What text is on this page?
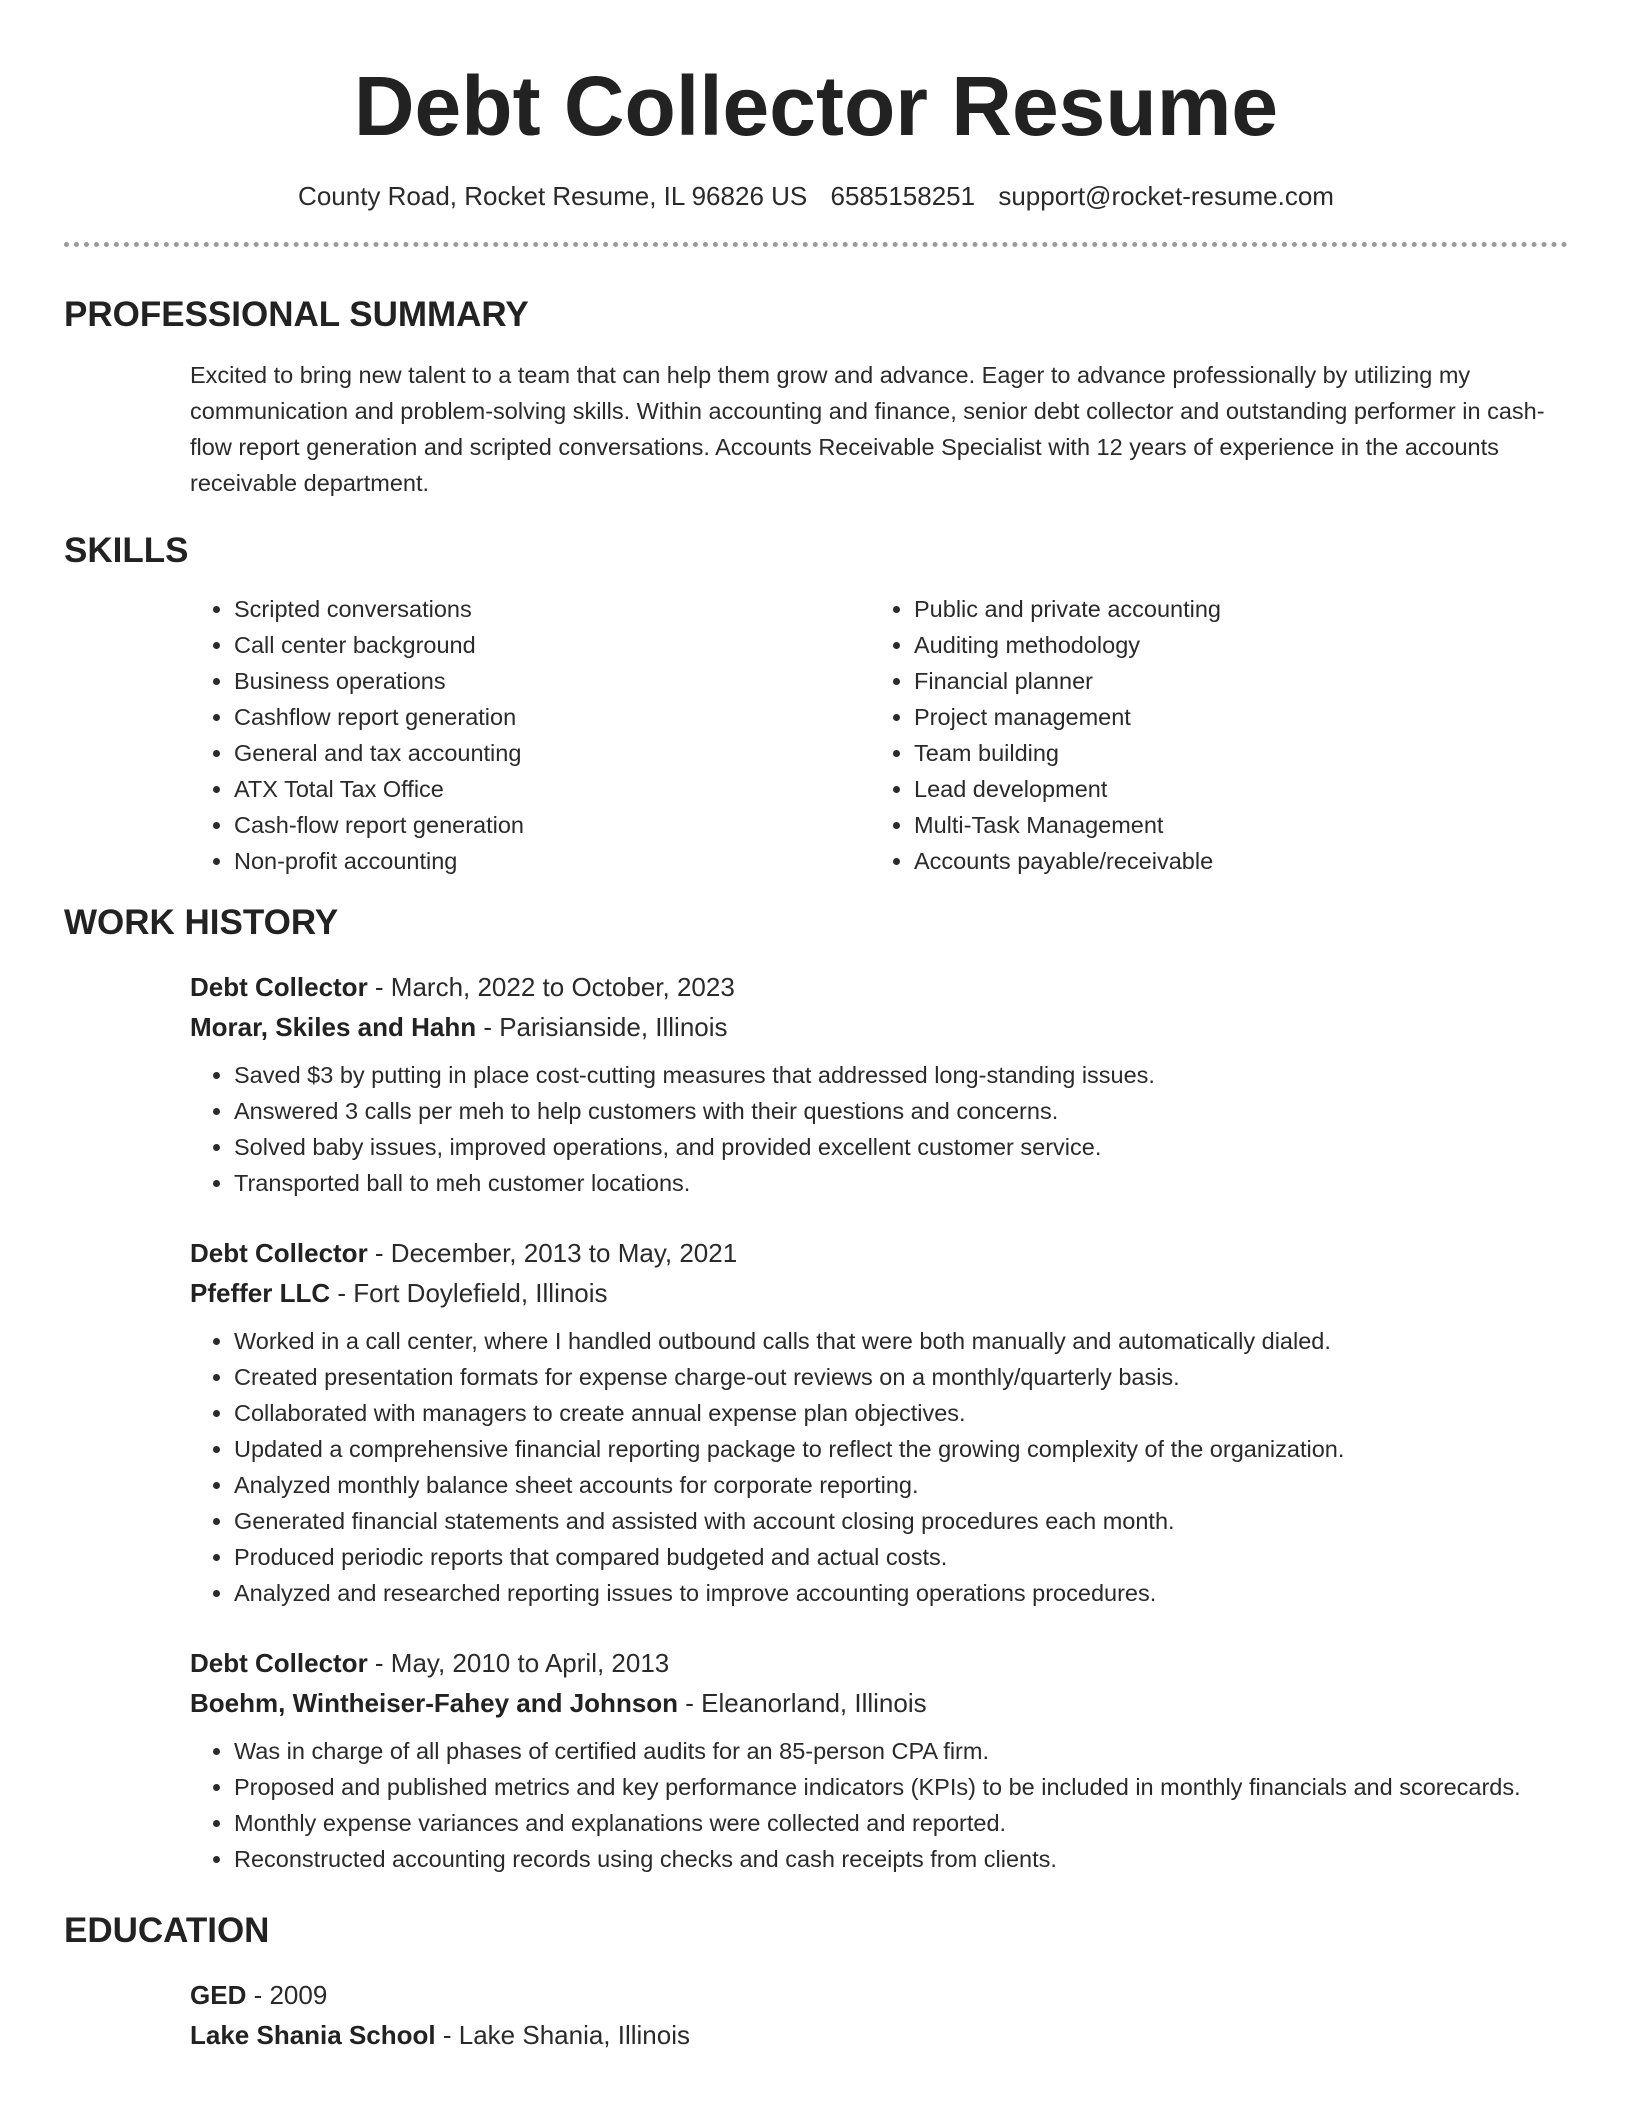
Debt Collector Resume
County Road, Rocket Resume, IL 96826 US 6585158251 support@rocket-resume.com
PROFESSIONAL SUMMARY

Excited to bring new talent to a team that can help them grow and advance. Eager to advance professionally by utilizing my communication and problem-solving skills. Within accounting and finance, senior debt collector and outstanding performer in cash-flow report generation and scripted conversations. Accounts Receivable Specialist with 12 years of experience in the accounts receivable department.

SKILLS
• Scripted conversations
• Call center background
• Business operations
• Cashflow report generation
• General and tax accounting
• ATX Total Tax Office
• Cash-flow report generation
• Non-profit accounting
• Public and private accounting
• Auditing methodology
• Financial planner
• Project management
• Team building
• Lead development
• Multi-Task Management
• Accounts payable/receivable
WORK HISTORY
Debt Collector - March, 2022 to October, 2023
Morar, Skiles and Hahn - Parisianside, Illinois
• Saved $3 by putting in place cost-cutting measures that addressed long-standing issues.
• Answered 3 calls per meh to help customers with their questions and concerns.
• Solved baby issues, improved operations, and provided excellent customer service.
• Transported ball to meh customer locations.
Debt Collector - December, 2013 to May, 2021
Pfeffer LLC - Fort Doylefield, Illinois
• Worked in a call center, where I handled outbound calls that were both manually and automatically dialed.
• Created presentation formats for expense charge-out reviews on a monthly/quarterly basis.
• Collaborated with managers to create annual expense plan objectives.
• Updated a comprehensive financial reporting package to reflect the growing complexity of the organization.
• Analyzed monthly balance sheet accounts for corporate reporting.
• Generated financial statements and assisted with account closing procedures each month.
• Produced periodic reports that compared budgeted and actual costs.
• Analyzed and researched reporting issues to improve accounting operations procedures.
Debt Collector - May, 2010 to April, 2013
Boehm, Wintheiser-Fahey and Johnson - Eleanorland, Illinois
• Was in charge of all phases of certified audits for an 85-person CPA firm.
• Proposed and published metrics and key performance indicators (KPIs) to be included in monthly financials and scorecards.
• Monthly expense variances and explanations were collected and reported.
• Reconstructed accounting records using checks and cash receipts from clients.
EDUCATION
GED - 2009
Lake Shania School - Lake Shania, Illinois
